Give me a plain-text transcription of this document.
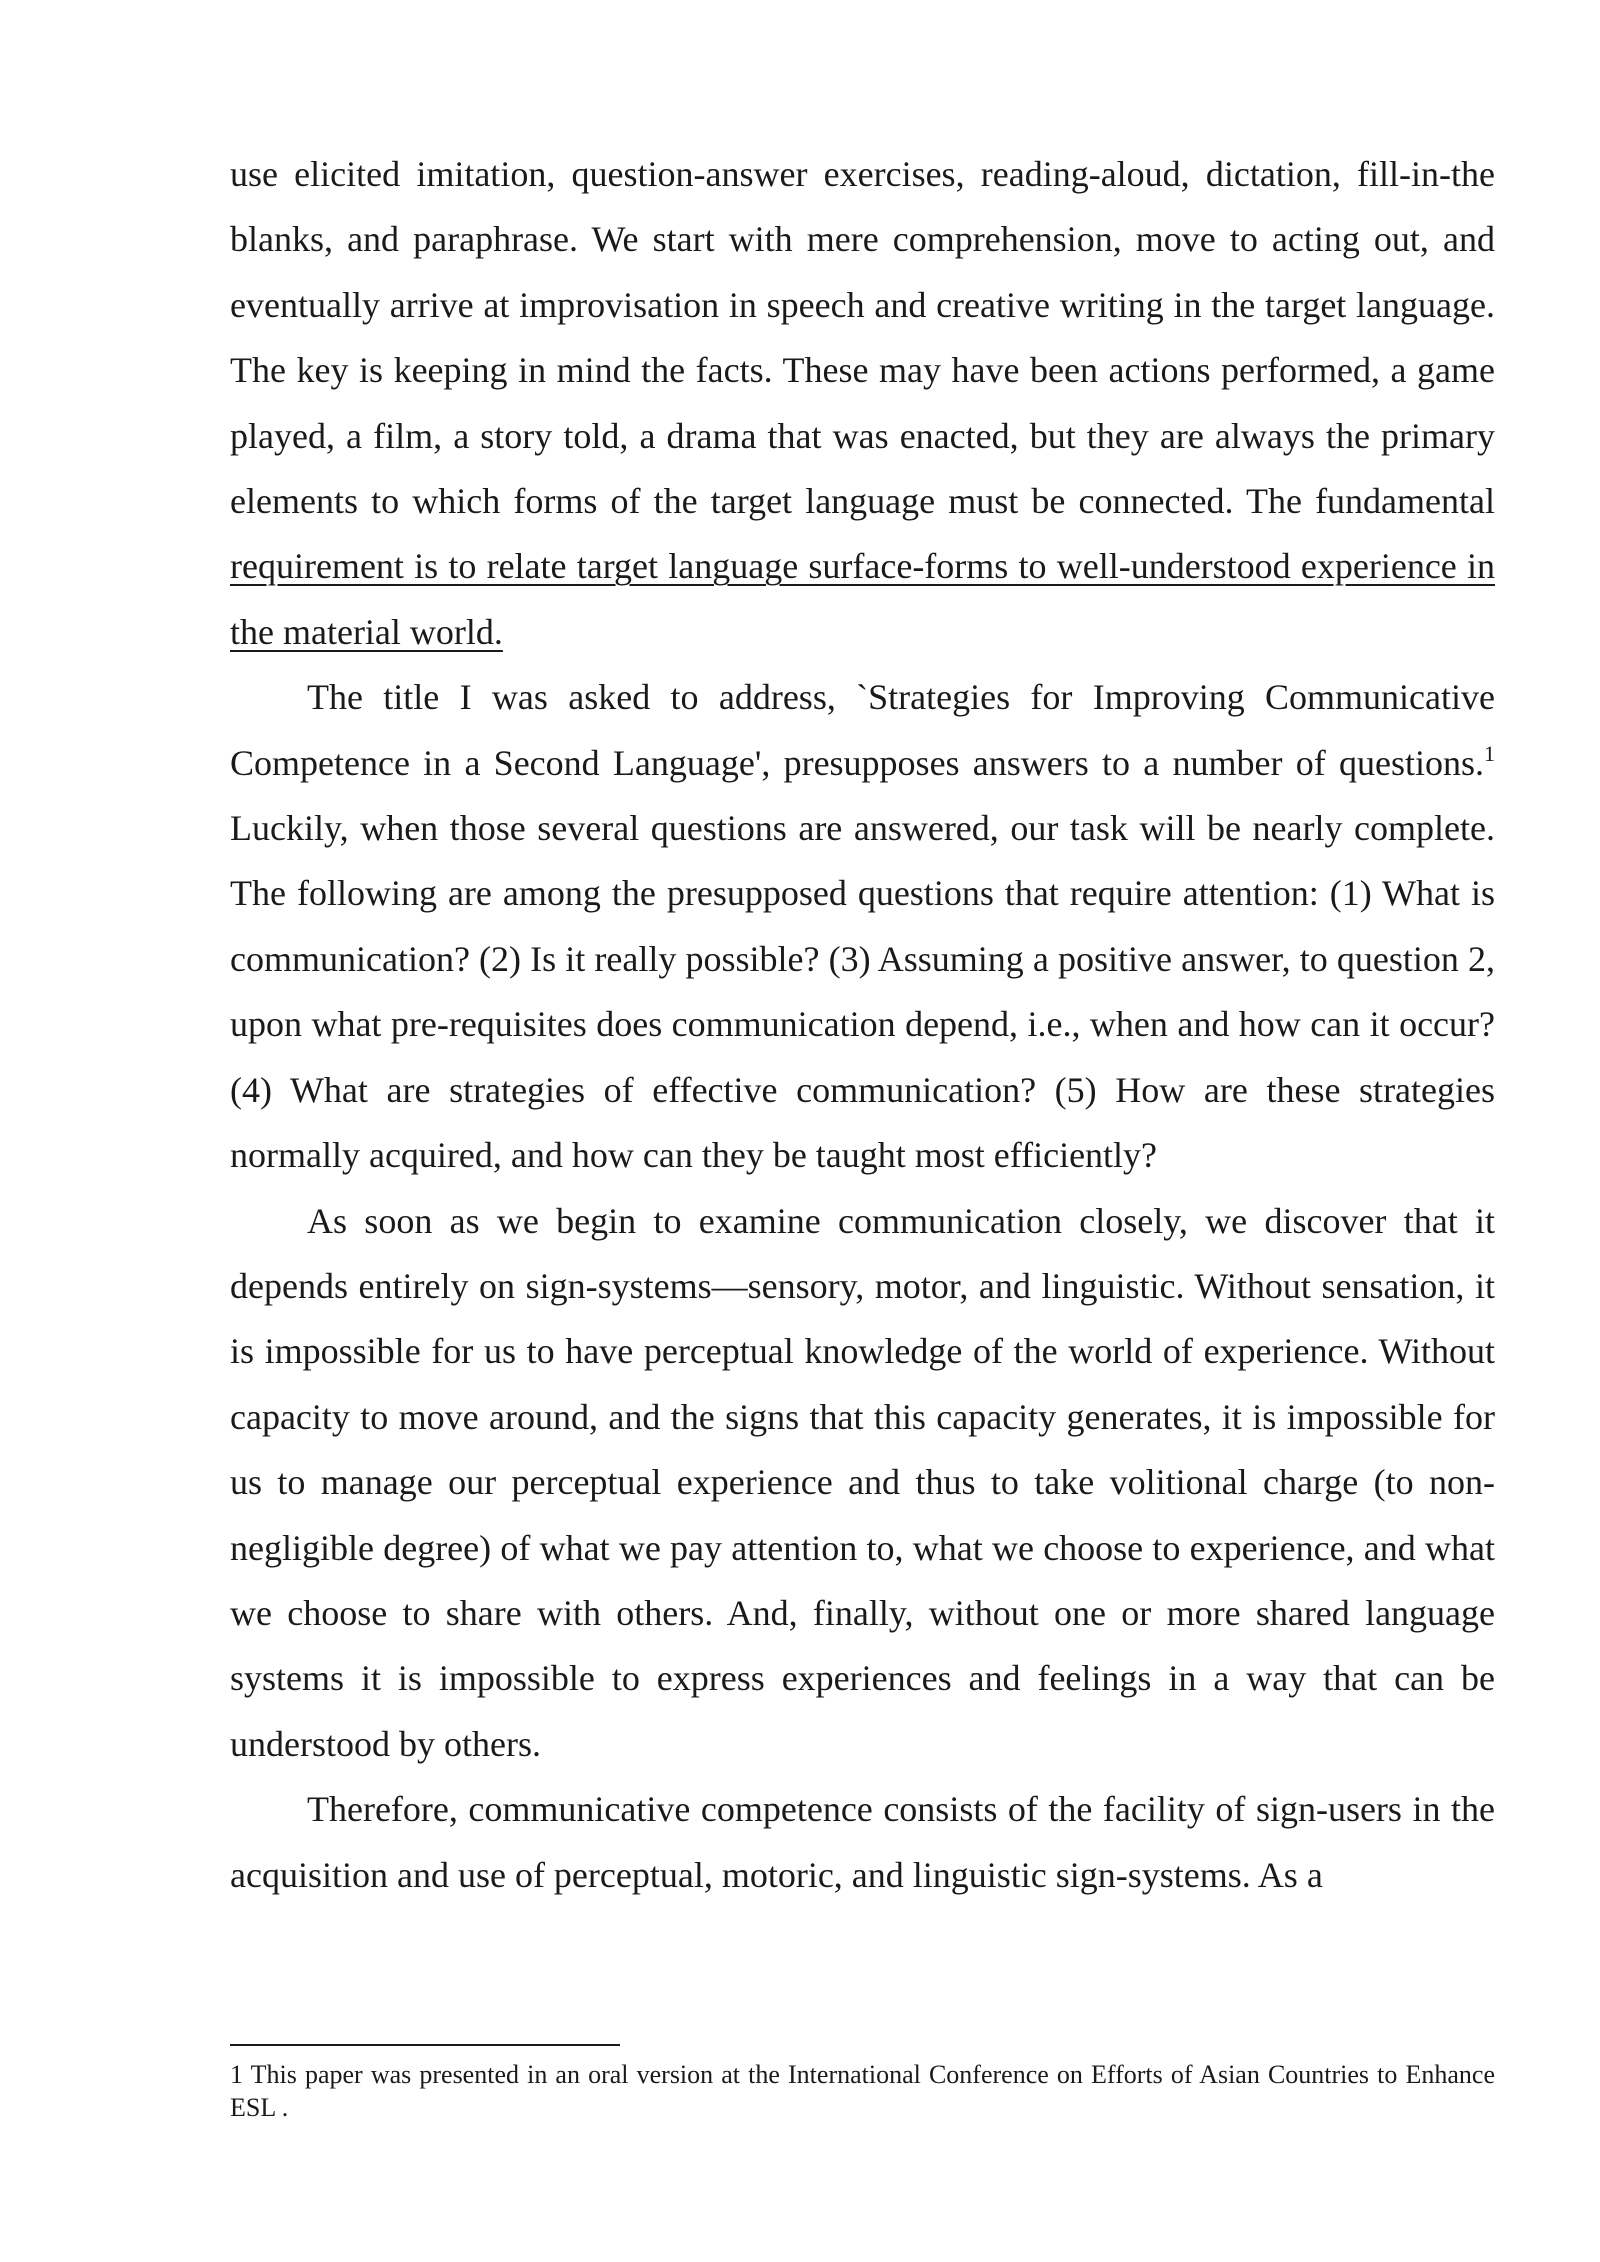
use elicited imitation, question-answer exercises, reading-aloud, dictation, fill-in-the blanks, and paraphrase. We start with mere comprehension, move to acting out, and eventually arrive at improvisation in speech and creative writing in the target language. The key is keeping in mind the facts. These may have been actions performed, a game played, a film, a story told, a drama that was enacted, but they are always the primary elements to which forms of the target language must be connected. The fundamental requirement is to relate target language surface-forms to well-understood experience in the material world.

The title I was asked to address, `Strategies for Improving Communicative Competence in a Second Language', presupposes answers to a number of questions.$^1$ Luckily, when those several questions are answered, our task will be nearly complete. The following are among the presupposed questions that require attention: (1) What is communication? (2) Is it really possible? (3) Assuming a positive answer, to question 2, upon what pre-requisites does communication depend, i.e., when and how can it occur? (4) What are strategies of effective communication? (5) How are these strategies normally acquired, and how can they be taught most efficiently?

As soon as we begin to examine communication closely, we discover that it depends entirely on sign-systems—sensory, motor, and linguistic. Without sensation, it is impossible for us to have perceptual knowledge of the world of experience. Without capacity to move around, and the signs that this capacity generates, it is impossible for us to manage our perceptual experience and thus to take volitional charge (to non-negligible degree) of what we pay attention to, what we choose to experience, and what we choose to share with others. And, finally, without one or more shared language systems it is impossible to express experiences and feelings in a way that can be understood by others.

Therefore, communicative competence consists of the facility of sign-users in the acquisition and use of perceptual, motoric, and linguistic sign-systems. As a

1 This paper was presented in an oral version at the International Conference on Efforts of Asian Countries to Enhance ESL .
